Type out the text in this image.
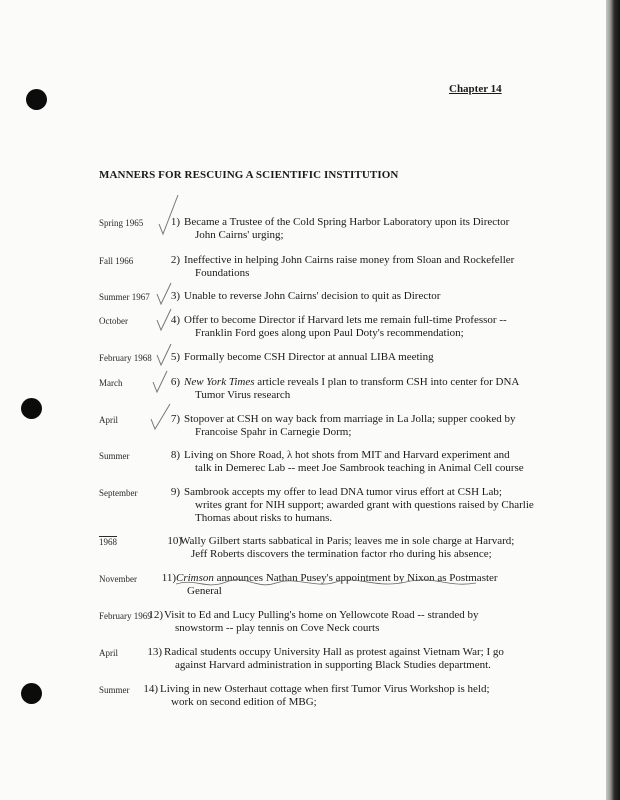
Chapter 14
MANNERS FOR RESCUING A SCIENTIFIC INSTITUTION
Spring 1965	1) Became a Trustee of the Cold Spring Harbor Laboratory upon its Director
John Cairns' urging;
Fall 1966	2) Ineffective in helping John Cairns raise money from Sloan and Rockefeller
Foundations
Summer 1967	3) Unable to reverse John Cairns' decision to quit as Director
October	4) Offer to become Director if Harvard lets me remain full-time Professor --
Franklin Ford goes along upon Paul Doty's recommendation;
February 1968	5) Formally become CSH Director at annual LIBA meeting
March	6) New York Times article reveals I plan to transform CSH into center for DNA
Tumor Virus research
April	7) Stopover at CSH on way back from marriage in La Jolla; supper cooked by
Francoise Spahr in Carnegie Dorm;
Summer	8) Living on Shore Road, λ hot shots from MIT and Harvard experiment and
talk in Demerec Lab -- meet Joe Sambrook teaching in Animal Cell course
September	9) Sambrook accepts my offer to lead DNA tumor virus effort at CSH Lab;
writes grant for NIH support; awarded grant with questions raised by Charlie
Thomas about risks to humans.
1968	10)
Wally Gilbert starts sabbatical in Paris; leaves me in sole charge at Harvard;
Jeff Roberts discovers the termination factor rho during his absence;
November	11) Crimson announces Nathan Pusey's appointment by Nixon as Postmaster
General
February 1969
12) Visit to Ed and Lucy Pulling's home on Yellowcote Road -- stranded by
snowstorm -- play tennis on Cove Neck courts
April	13) Radical students occupy University Hall as protest against Vietnam War; I go
against Harvard administration in supporting Black Studies department.
Summer	14) Living in new Osterhaut cottage when first Tumor Virus Workshop is held;
work on second edition of MBG;
